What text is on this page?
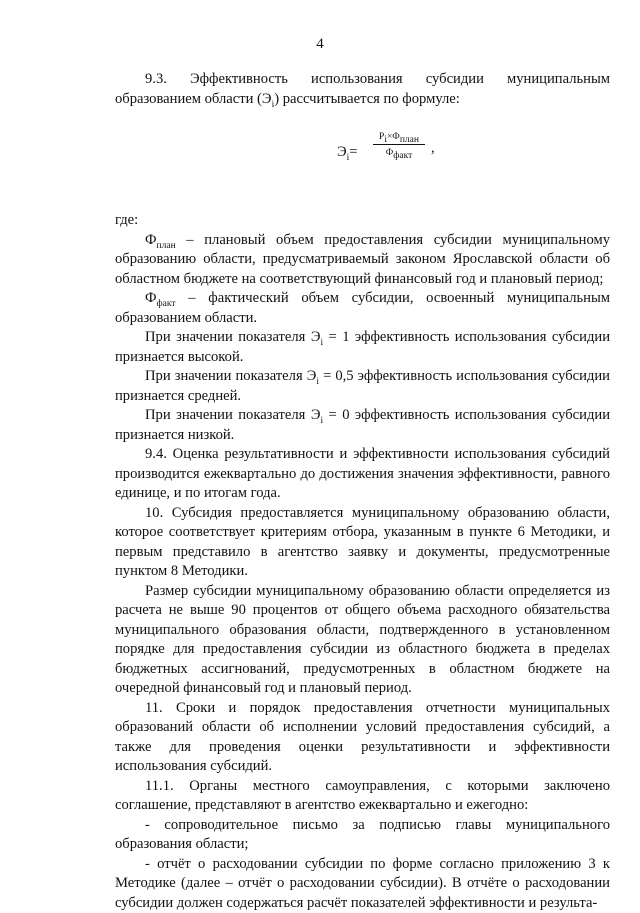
4

9.3. Эффективность использования субсидии муниципальным образованием области $(Э_i)$ рассчитывается по формуле:

$Э_i=$
$Р_i\times Ф_{план}$
$Ф_{факт}$	,

где:

$Ф_{план}$ – плановый объем предоставления субсидии муниципальному образованию области, предусматриваемый законом Ярославской области об областном бюджете на соответствующий финансовый год и плановый период;

$Ф_{факт}$ – фактический объем субсидии, освоенный муниципальным образованием области.

При значении показателя $Э_i = 1$ эффективность использования субсидии признается высокой.

При значении показателя $Э_i = 0,5$ эффективность использования субсидии признается средней.

При значении показателя $Э_i = 0$ эффективность использования субсидии признается низкой.

9.4. Оценка результативности и эффективности использования субсидий производится ежеквартально до достижения значения эффективности, равного единице, и по итогам года.

10. Субсидия предоставляется муниципальному образованию области, которое соответствует критериям отбора, указанным в пункте 6 Методики, и первым представило в агентство заявку и документы, предусмотренные пунктом 8 Методики.

Размер субсидии муниципальному образованию области определяется из расчета не выше 90 процентов от общего объема расходного обязательства муниципального образования области, подтвержденного в установленном порядке для предоставления субсидии из областного бюджета в пределах бюджетных ассигнований, предусмотренных в областном бюджете на очередной финансовый год и плановый период.

11. Сроки и порядок предоставления отчетности муниципальных образований области об исполнении условий предоставления субсидий, а также для проведения оценки результативности и эффективности использования субсидий.

11.1. Органы местного самоуправления, с которыми заключено соглашение, представляют в агентство ежеквартально и ежегодно:

- сопроводительное письмо за подписью главы муниципального образования области;

- отчёт о расходовании субсидии по форме согласно приложению 3 к Методике (далее – отчёт о расходовании субсидии). В отчёте о расходовании субсидии должен содержаться расчёт показателей эффективности и результа-
